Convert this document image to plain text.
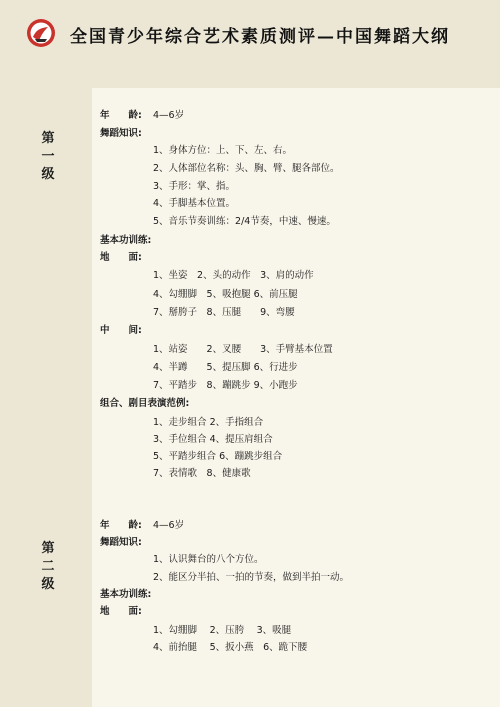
全国青少年综合艺术素质测评—中国舞蹈大纲
第
一
级
年　　龄: 4—6岁
舞蹈知识:
1、身体方位：上、下、左、右。
2、人体部位名称：头、胸、臂、腿各部位。
3、手形：掌、指。
4、手脚基本位置。
5、音乐节奏训练：2/4节奏，中速、慢速。
基本功训练:
地　　面:
1、坐姿　2、头的动作　3、肩的动作
4、勾绷脚　5、吸抱腿 6、前压腿
7、掰胯子　8、压腿　　9、弯腰
中　　间:
1、站姿　　2、叉腰　　3、手臂基本位置
4、半蹲　　5、提压脚 6、行进步
7、平踏步　8、蹦跳步 9、小跑步
组合、剧目表演范例:
1、走步组合 2、手指组合
3、手位组合 4、提压肩组合
5、平踏步组合 6、蹦跳步组合
7、表情歌　8、健康歌
第
二
级
年　　龄: 4—6岁
舞蹈知识:
1、认识舞台的八个方位。
2、能区分半拍、一拍的节奏，做到半拍一动。
基本功训练:
地　　面:
1、勾绷脚　 2、压胯　 3、吸腿
4、前抬腿　 5、扳小燕　6、跪下腰
